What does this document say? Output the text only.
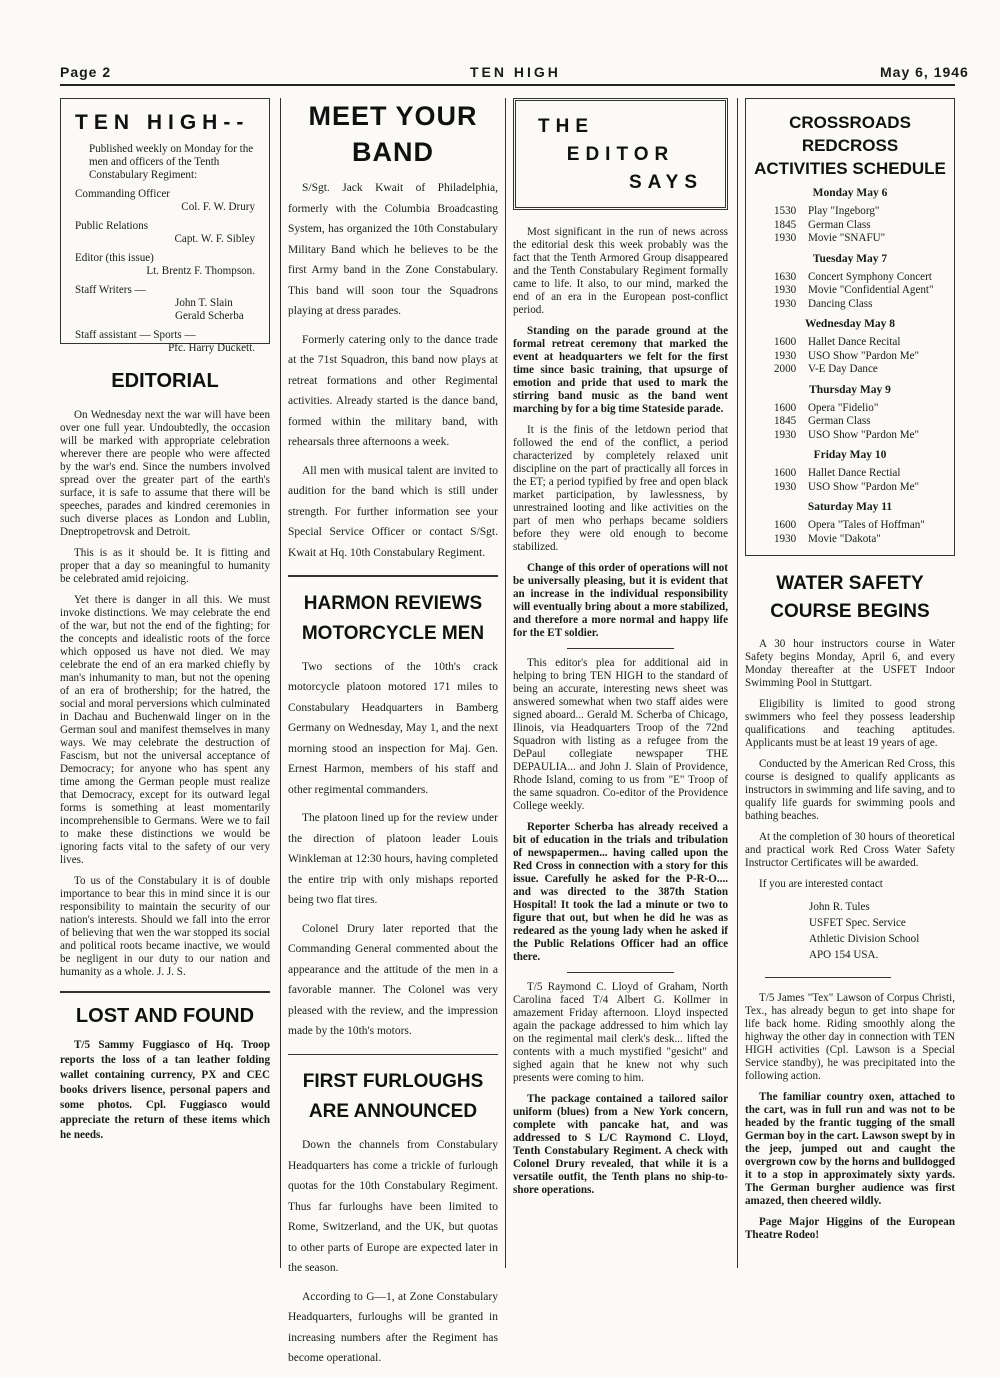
Page 2	TEN HIGH	May 6, 1946
TEN HIGH--
Published weekly on Monday for the men and officers of the Tenth Constabulary Regiment:
Commanding Officer
Col. F. W. Drury
Public Relations
Capt. W. F. Sibley
Editor (this issue)
Lt. Brentz F. Thompson.
Staff Writers —
John T. Slain
Gerald Scherba
Staff assistant — Sports —
Pfc. Harry Duckett.
EDITORIAL

On Wednesday next the war will have been over one full year. Undoubtedly, the occasion will be marked with appropriate celebration wherever there are people who were affected by the war's end. Since the numbers involved spread over the greater part of the earth's surface, it is safe to assume that there will be speeches, parades and kindred ceremonies in such diverse places as London and Lublin, Dneptropetrovsk and Detroit.

This is as it should be. It is fitting and proper that a day so meaningful to humanity be celebrated amid rejoicing.

Yet there is danger in all this. We must invoke distinctions. We may celebrate the end of the war, but not the end of the fighting; for the concepts and idealistic roots of the force which opposed us have not died. We may celebrate the end of an era marked chiefly by man's inhumanity to man, but not the opening of an era of brothership; for the hatred, the social and moral perversions which culminated in Dachau and Buchenwald linger on in the German soul and manifest themselves in many ways. We may celebrate the destruction of Fascism, but not the universal acceptance of Democracy; for anyone who has spent any time among the German people must realize that Democracy, except for its outward legal forms is something at least momentarily incomprehensible to Germans. Were we to fail to make these distinctions we would be ignoring facts vital to the safety of our very lives.

To us of the Constabulary it is of double importance to bear this in mind since it is our responsibility to maintain the security of our nation's interests. Should we fall into the error of believing that wen the war stopped its social and political roots became inactive, we would be negligent in our duty to our nation and humanity as a whole. J. J. S.

LOST AND FOUND

T/5 Sammy Fuggiasco of Hq. Troop reports the loss of a tan leather folding wallet containing currency, PX and CEC books drivers lisence, personal papers and some photos. Cpl. Fuggiasco would appreciate the return of these items which he needs.

MEET YOUR BAND

S/Sgt. Jack Kwait of Philadelphia, formerly with the Columbia Broadcasting System, has organized the 10th Constabulary Military Band which he believes to be the first Army band in the Zone Constabulary. This band will soon tour the Squadrons playing at dress parades.

Formerly catering only to the dance trade at the 71st Squadron, this band now plays at retreat formations and other Regimental activities. Already started is the dance band, formed within the military band, with rehearsals three afternoons a week.

All men with musical talent are invited to audition for the band which is still under strength. For further information see your Special Service Officer or contact S/Sgt. Kwait at Hq. 10th Constabulary Regiment.

HARMON REVIEWS MOTORCYCLE MEN

Two sections of the 10th's crack motorcycle platoon motored 171 miles to Constabulary Headquarters in Bamberg Germany on Wednesday, May 1, and the next morning stood an inspection for Maj. Gen. Ernest Harmon, members of his staff and other regimental commanders.

The platoon lined up for the review under the direction of platoon leader Louis Winkleman at 12:30 hours, having completed the entire trip with only mishaps reported being two flat tires.

Colonel Drury later reported that the Commanding General commented about the appearance and the attitude of the men in a favorable manner. The Colonel was very pleased with the review, and the impression made by the 10th's motors.

FIRST FURLOUGHS ARE ANNOUNCED

Down the channels from Constabulary Headquarters has come a trickle of furlough quotas for the 10th Constabulary Regiment. Thus far furloughs have been limited to Rome, Switzerland, and the UK, but quotas to other parts of Europe are expected later in the season.

According to G—1, at Zone Constabulary Headquarters, furloughs will be granted in increasing numbers after the Regiment has become operational.

THE
EDITOR
SAYS

Most significant in the run of news across the editorial desk this week probably was the fact that the Tenth Armored Group disappeared and the Tenth Constabulary Regiment formally came to life. It also, to our mind, marked the end of an era in the European post-conflict period.

Standing on the parade ground at the formal retreat ceremony that marked the event at headquarters we felt for the first time since basic training, that upsurge of emotion and pride that used to mark the stirring band music as the band went marching by for a big time Stateside parade.

It is the finis of the letdown period that followed the end of the conflict, a period characterized by completely relaxed unit discipline on the part of practically all forces in the ET; a period typified by free and open black market participation, by lawlessness, by unrestrained looting and like activities on the part of men who perhaps became soldiers before they were old enough to become stabilized.

Change of this order of operations will not be universally pleasing, but it is evident that an increase in the individual responsibility will eventually bring about a more stabilized, and therefore a more normal and happy life for the ET soldier.

This editor's plea for additional aid in helping to bring TEN HIGH to the standard of being an accurate, interesting news sheet was answered somewhat when two staff aides were signed aboard... Gerald M. Scherba of Chicago, Ilinois, via Headquarters Troop of the 72nd Squadron with listing as a refugee from the DePaul collegiate newspaper THE DEPAULIA... and John J. Slain of Providence, Rhode Island, coming to us from "E" Troop of the same squadron. Co-editor of the Providence College weekly.

Reporter Scherba has already received a bit of education in the trials and tribulation of newspapermen... having called upon the Red Cross in connection with a story for this issue. Carefully he asked for the P-R-O.... and was directed to the 387th Station Hospital! It took the lad a minute or two to figure that out, but when he did he was as redeared as the young lady when he asked if the Public Relations Officer had an office there.

T/5 Raymond C. Lloyd of Graham, North Carolina faced T/4 Albert G. Kollmer in amazement Friday afternoon. Lloyd inspected again the package addressed to him which lay on the regimental mail clerk's desk... lifted the contents with a much mystified "gesicht" and sighed again that he knew not why such presents were coming to him.

The package contained a tailored sailor uniform (blues) from a New York concern, complete with pancake hat, and was addressed to S L/C Raymond C. Lloyd, Tenth Constabulary Regiment. A check with Colonel Drury revealed, that while it is a versatile outfit, the Tenth plans no ship-to-shore operations.

CROSSROADS
REDCROSS
ACTIVITIES SCHEDULE
Monday May 6
1530	Play "Ingeborg"
1845	German Class
1930	Movie "SNAFU"
Tuesday May 7
1630	Concert Symphony Concert
1930	Movie "Confidential Agent"
1930	Dancing Class
Wednesday May 8
1600	Hallet Dance Recital
1930	USO Show "Pardon Me"
2000	V-E Day Dance
Thursday May 9
1600	Opera "Fidelio"
1845	German Class
1930	USO Show "Pardon Me"
Friday May 10
1600	Hallet Dance Rectial
1930	USO Show "Pardon Me"
Saturday May 11
1600	Opera "Tales of Hoffman"
1930	Movie "Dakota"
WATER SAFETY COURSE BEGINS

A 30 hour instructors course in Water Safety begins Monday, April 6, and every Monday thereafter at the USFET Indoor Swimming Pool in Stuttgart.

Eligibility is limited to good strong swimmers who feel they possess leadership qualifications and teaching aptitudes. Applicants must be at least 19 years of age.

Conducted by the American Red Cross, this course is designed to qualify applicants as instructors in swimming and life saving, and to qualify life guards for swimming pools and bathing beaches.

At the completion of 30 hours of theoretical and practical work Red Cross Water Safety Instructor Certificates will be awarded.

If you are interested contact

John R. Tules
USFET Spec. Service
Athletic Division School
APO 154 USA.

T/5 James "Tex" Lawson of Corpus Christi, Tex., has already begun to get into shape for life back home. Riding smoothly along the highway the other day in connection with TEN HIGH activities (Cpl. Lawson is a Special Service standby), he was precipitated into the following action.

The familiar country oxen, attached to the cart, was in full run and was not to be headed by the frantic tugging of the small German boy in the cart. Lawson swept by in the jeep, jumped out and caught the overgrown cow by the horns and bulldogged it to a stop in approximately sixty yards. The German burgher audience was first amazed, then cheered wildly.

Page Major Higgins of the European Theatre Rodeo!
